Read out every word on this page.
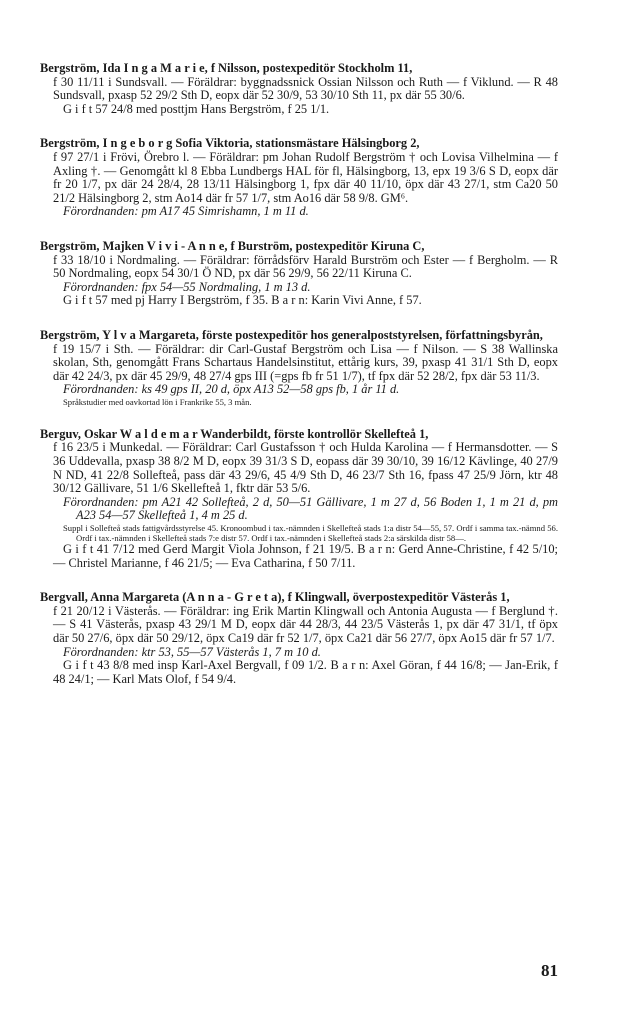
Bergström, Ida I n g a M a r i e, f Nilsson, postexpeditör Stockholm 11,

f 30 11/11 i Sundsvall. — Föräldrar: byggnadssnick Ossian Nilsson och Ruth — f Viklund. — R 48 Sundsvall, pxasp 52 29/2 Sth D, eopx där 52 30/9, 53 30/10 Sth 11, px där 55 30/6.

G i f t 57 24/8 med posttjm Hans Bergström, f 25 1/1.

Bergström, I n g e b o r g Sofia Viktoria, stationsmästare Hälsingborg 2,

f 97 27/1 i Frövi, Örebro l. — Föräldrar: pm Johan Rudolf Bergström † och Lovisa Vilhelmina — f Axling †. — Genomgått kl 8 Ebba Lundbergs HAL för fl, Hälsingborg, 13, epx 19 3/6 S D, eopx där fr 20 1/7, px där 24 28/4, 28 13/11 Hälsingborg 1, fpx där 40 11/10, öpx där 43 27/1, stm Ca20 50 21/2 Hälsingborg 2, stm Ao14 där fr 57 1/7, stm Ao16 där 58 9/8. GM⁶.

Förordnanden: pm A17 45 Simrishamn, 1 m 11 d.

Bergström, Majken V i v i - A n n e, f Burström, postexpeditör Kiruna C,

f 33 18/10 i Nordmaling. — Föräldrar: förrådsförv Harald Burström och Ester — f Bergholm. — R 50 Nordmaling, eopx 54 30/1 Ö ND, px där 56 29/9, 56 22/11 Kiruna C.

Förordnanden: fpx 54—55 Nordmaling, 1 m 13 d.

G i f t 57 med pj Harry I Bergström, f 35. B a r n: Karin Vivi Anne, f 57.

Bergström, Y l v a Margareta, förste postexpeditör hos generalpoststyrelsen, författningsbyrån,

f 19 15/7 i Sth. — Föräldrar: dir Carl-Gustaf Bergström och Lisa — f Nilson. — S 38 Wallinska skolan, Sth, genomgått Frans Schartaus Handelsinstitut, ettårig kurs, 39, pxasp 41 31/1 Sth D, eopx där 42 24/3, px där 45 29/9, 48 27/4 gps III (=gps fb fr 51 1/7), tf fpx där 52 28/2, fpx där 53 11/3.

Förordnanden: ks 49 gps II, 20 d, öpx A13 52—58 gps fb, 1 år 11 d.

Språkstudier med oavkortad lön i Frankrike 55, 3 mån.

Berguv, Oskar W a l d e m a r Wanderbildt, förste kontrollör Skellefteå 1,

f 16 23/5 i Munkedal. — Föräldrar: Carl Gustafsson † och Hulda Karolina — f Hermansdotter. — S 36 Uddevalla, pxasp 38 8/2 M D, eopx 39 31/3 S D, eopass där 39 30/10, 39 16/12 Kävlinge, 40 27/9 N ND, 41 22/8 Sollefteå, pass där 43 29/6, 45 4/9 Sth D, 46 23/7 Sth 16, fpass 47 25/9 Jörn, ktr 48 30/12 Gällivare, 51 1/6 Skellefteå 1, fktr där 53 5/6.

Förordnanden: pm A21 42 Sollefteå, 2 d, 50—51 Gällivare, 1 m 27 d, 56 Boden 1, 1 m 21 d, pm A23 54—57 Skellefteå 1, 4 m 25 d.

Suppl i Sollefteå stads fattigvårdsstyrelse 45. Kronoombud i tax.-nämnden i Skellefteå stads 1:a distr 54—55, 57. Ordf i samma tax.-nämnd 56. Ordf i tax.-nämnden i Skellefteå stads 7:e distr 57. Ordf i tax.-nämnden i Skellefteå stads 2:a särskilda distr 58—.

G i f t 41 7/12 med Gerd Margit Viola Johnson, f 21 19/5. B a r n: Gerd Anne-Christine, f 42 5/10; — Christel Marianne, f 46 21/5; — Eva Catharina, f 50 7/11.

Bergvall, Anna Margareta (A n n a - G r e t a), f Klingwall, överpostexpeditör Västerås 1,

f 21 20/12 i Västerås. — Föräldrar: ing Erik Martin Klingwall och Antonia Augusta — f Berglund †. — S 41 Västerås, pxasp 43 29/1 M D, eopx där 44 28/3, 44 23/5 Västerås 1, px där 47 31/1, tf öpx där 50 27/6, öpx där 50 29/12, öpx Ca19 där fr 52 1/7, öpx Ca21 där 56 27/7, öpx Ao15 där fr 57 1/7.

Förordnanden: ktr 53, 55—57 Västerås 1, 7 m 10 d.

G i f t 43 8/8 med insp Karl-Axel Bergvall, f 09 1/2. B a r n: Axel Göran, f 44 16/8; — Jan-Erik, f 48 24/1; — Karl Mats Olof, f 54 9/4.

81
